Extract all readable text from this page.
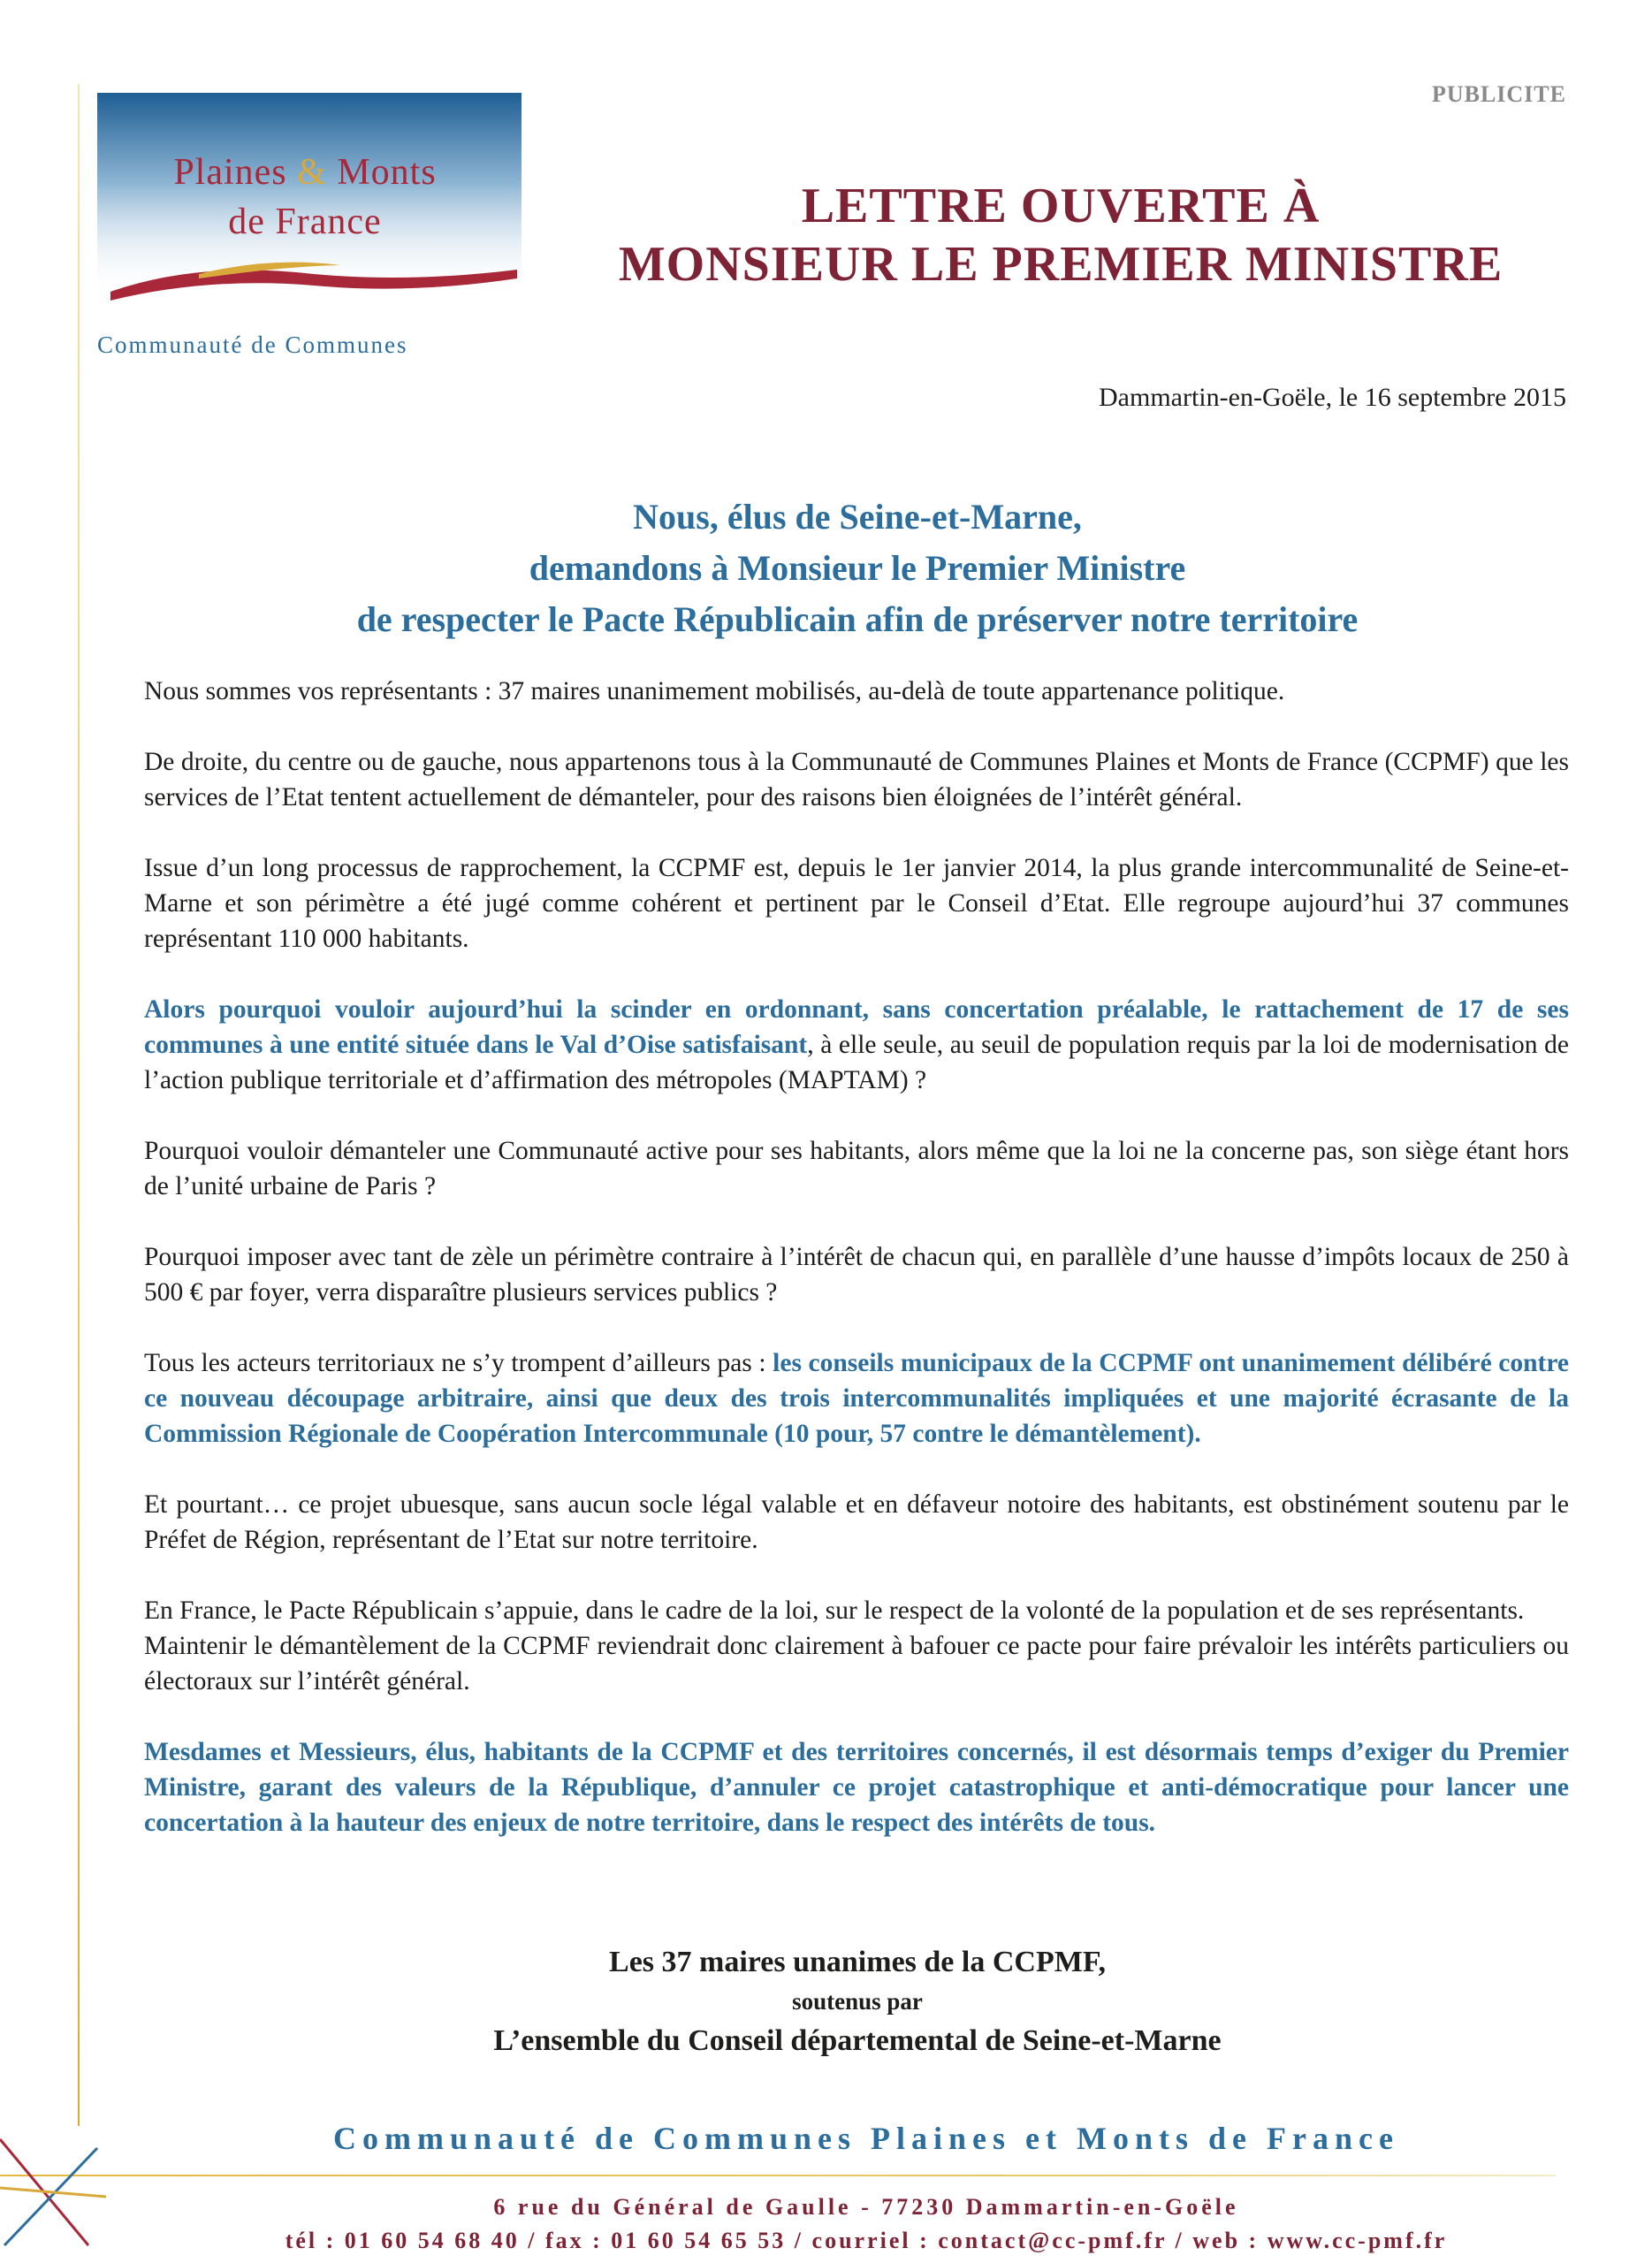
PUBLICITE
Plaines & Monts
de France
Communauté de Communes
LETTRE OUVERTE À
MONSIEUR LE PREMIER MINISTRE
Dammartin-en-Goële, le 16 septembre 2015
Nous, élus de Seine-et-Marne,
demandons à Monsieur le Premier Ministre
de respecter le Pacte Républicain afin de préserver notre territoire

Nous sommes vos représentants : 37 maires unanimement mobilisés, au-delà de toute appartenance politique.

De droite, du centre ou de gauche, nous appartenons tous à la Communauté de Communes Plaines et Monts de France (CCPMF) que les services de l’Etat tentent actuellement de démanteler, pour des raisons bien éloignées de l’intérêt général.

Issue d’un long processus de rapprochement, la CCPMF est, depuis le 1er janvier 2014, la plus grande intercommunalité de Seine-et-Marne et son périmètre a été jugé comme cohérent et pertinent par le Conseil d’Etat. Elle regroupe aujourd’hui 37 communes représentant 110 000 habitants.

Alors pourquoi vouloir aujourd’hui la scinder en ordonnant, sans concertation préalable, le rattachement de 17 de ses communes à une entité située dans le Val d’Oise satisfaisant, à elle seule, au seuil de population requis par la loi de modernisation de l’action publique territoriale et d’affirmation des métropoles (MAPTAM) ?

Pourquoi vouloir démanteler une Communauté active pour ses habitants, alors même que la loi ne la concerne pas, son siège étant hors de l’unité urbaine de Paris ?

Pourquoi imposer avec tant de zèle un périmètre contraire à l’intérêt de chacun qui, en parallèle d’une hausse d’impôts locaux de 250 à 500 € par foyer, verra disparaître plusieurs services publics ?

Tous les acteurs territoriaux ne s’y trompent d’ailleurs pas : les conseils municipaux de la CCPMF ont unanimement délibéré contre ce nouveau découpage arbitraire, ainsi que deux des trois intercommunalités impliquées et une majorité écrasante de la Commission Régionale de Coopération Intercommunale (10 pour, 57 contre le démantèlement).

Et pourtant… ce projet ubuesque, sans aucun socle légal valable et en défaveur notoire des habitants, est obstinément soutenu par le Préfet de Région, représentant de l’Etat sur notre territoire.

En France, le Pacte Républicain s’appuie, dans le cadre de la loi, sur le respect de la volonté de la population et de ses représentants.

Maintenir le démantèlement de la CCPMF reviendrait donc clairement à bafouer ce pacte pour faire prévaloir les intérêts particuliers ou électoraux sur l’intérêt général.

Mesdames et Messieurs, élus, habitants de la CCPMF et des territoires concernés, il est désormais temps d’exiger du Premier Ministre, garant des valeurs de la République, d’annuler ce projet catastrophique et anti-démocratique pour lancer une concertation à la hauteur des enjeux de notre territoire, dans le respect des intérêts de tous.

Les 37 maires unanimes de la CCPMF,
soutenus par
L’ensemble du Conseil départemental de Seine-et-Marne
Communauté de Communes Plaines et Monts de France
6 rue du Général de Gaulle - 77230 Dammartin-en-Goële
tél : 01 60 54 68 40 / fax : 01 60 54 65 53 / courriel : contact@cc-pmf.fr / web : www.cc-pmf.fr
